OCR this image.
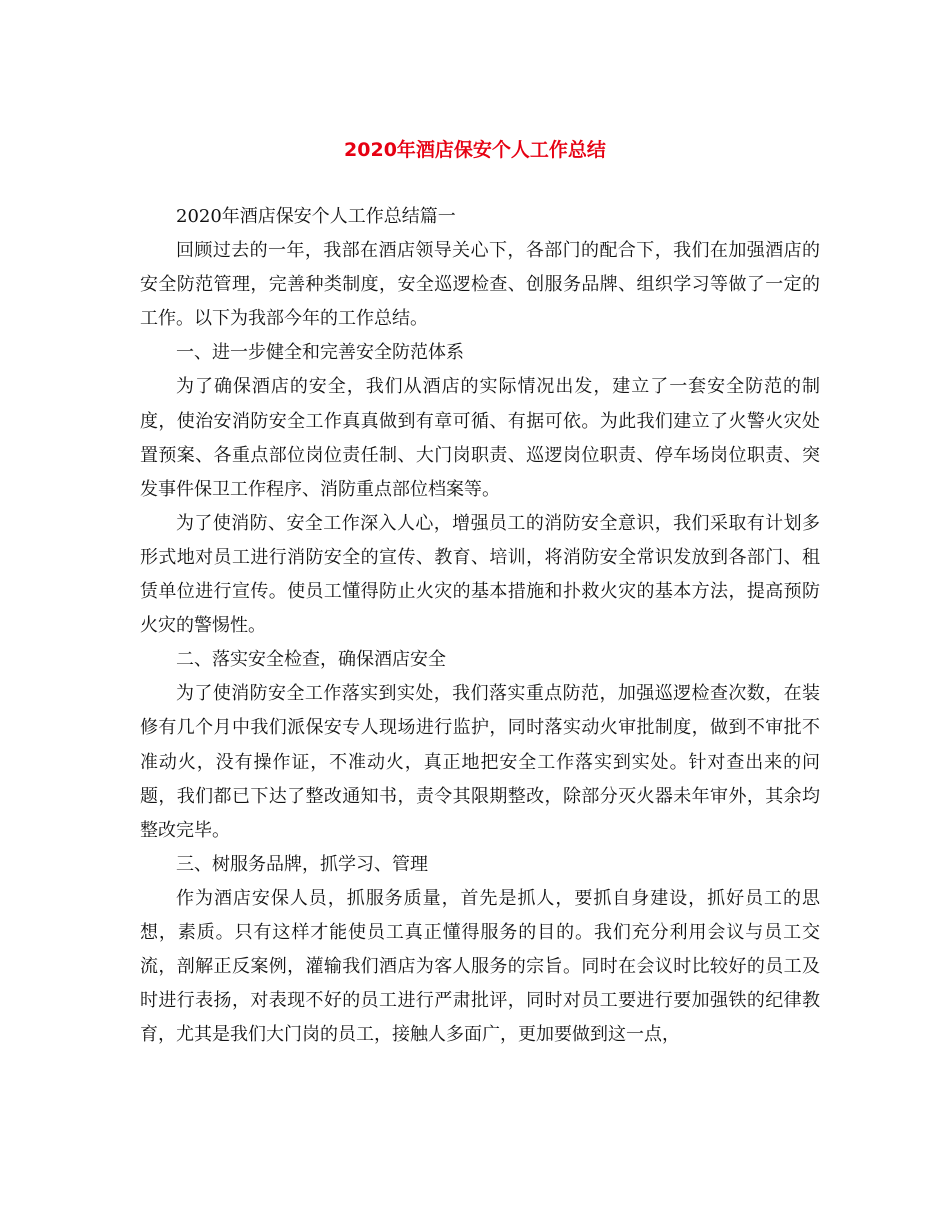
2020年酒店保安个人工作总结

2020年酒店保安个人工作总结篇一

回顾过去的一年，我部在酒店领导关心下，各部门的配合下，我们在加强酒店的安全防范管理，完善种类制度，安全巡逻检查、创服务品牌、组织学习等做了一定的工作。以下为我部今年的工作总结。

一、进一步健全和完善安全防范体系

为了确保酒店的安全，我们从酒店的实际情况出发，建立了一套安全防范的制度，使治安消防安全工作真真做到有章可循、有据可依。为此我们建立了火警火灾处置预案、各重点部位岗位责任制、大门岗职责、巡逻岗位职责、停车场岗位职责、突发事件保卫工作程序、消防重点部位档案等。

为了使消防、安全工作深入人心，增强员工的消防安全意识，我们采取有计划多形式地对员工进行消防安全的宣传、教育、培训，将消防安全常识发放到各部门、租赁单位进行宣传。使员工懂得防止火灾的基本措施和扑救火灾的基本方法，提高预防火灾的警惕性。

二、落实安全检查，确保酒店安全

为了使消防安全工作落实到实处，我们落实重点防范，加强巡逻检查次数，在装修有几个月中我们派保安专人现场进行监护，同时落实动火审批制度，做到不审批不准动火，没有操作证，不准动火，真正地把安全工作落实到实处。针对查出来的问题，我们都已下达了整改通知书，责令其限期整改，除部分灭火器未年审外，其余均整改完毕。

三、树服务品牌，抓学习、管理

作为酒店安保人员，抓服务质量，首先是抓人，要抓自身建设，抓好员工的思想，素质。只有这样才能使员工真正懂得服务的目的。我们充分利用会议与员工交流，剖解正反案例，灌输我们酒店为客人服务的宗旨。同时在会议时比较好的员工及时进行表扬，对表现不好的员工进行严肃批评，同时对员工要进行要加强铁的纪律教育，尤其是我们大门岗的员工，接触人多面广，更加要做到这一点，
